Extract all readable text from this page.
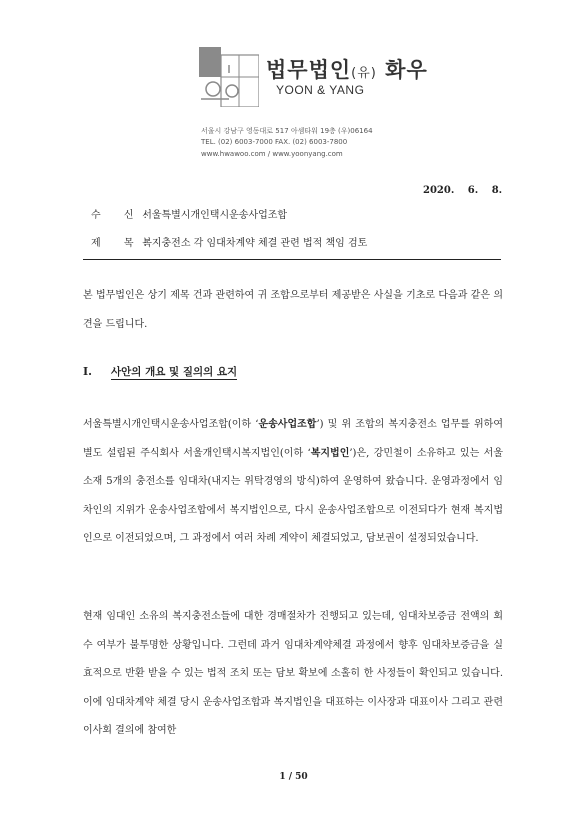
법무법인(유) 화우
YOON & YANG
서울시 강남구 영동대로 517 아셈타워 19층 (우)06164
TEL. (02) 6003-7000 FAX. (02) 6003-7800
www.hwawoo.com / www.yoonyang.com
2020. 6. 8.
수 신: 서울특별시개인택시운송사업조합
제 목: 복지충전소 각 임대차계약 체결 관련 법적 책임 검토
본 법무법인은 상기 제목 건과 관련하여 귀 조합으로부터 제공받은 사실을 기초로 다음과 같은 의견을 드립니다.
I. 사안의 개요 및 질의의 요지
서울특별시개인택시운송사업조합(이하 ‘운송사업조합’) 및 위 조합의 복지충전소 업무를 위하여 별도 설립된 주식회사 서울개인택시복지법인(이하 ‘복지법인’)은, 강민철이 소유하고 있는 서울 소재 5개의 충전소를 임대차(내지는 위탁경영의 방식)하여 운영하여 왔습니다. 운영과정에서 임차인의 지위가 운송사업조합에서 복지법인으로, 다시 운송사업조합으로 이전되다가 현재 복지법인으로 이전되었으며, 그 과정에서 여러 차례 계약이 체결되었고, 담보권이 설정되었습니다.
현재 임대인 소유의 복지충전소들에 대한 경매절차가 진행되고 있는데, 임대차보증금 전액의 회수 여부가 불투명한 상황입니다. 그런데 과거 임대차계약체결 과정에서 향후 임대차보증금을 실효적으로 반환 받을 수 있는 법적 조치 또는 담보 확보에 소홀히 한 사정들이 확인되고 있습니다. 이에 임대차계약 체결 당시 운송사업조합과 복지법인을 대표하는 이사장과 대표이사 그리고 관련 이사회 결의에 참여한
1 / 50
